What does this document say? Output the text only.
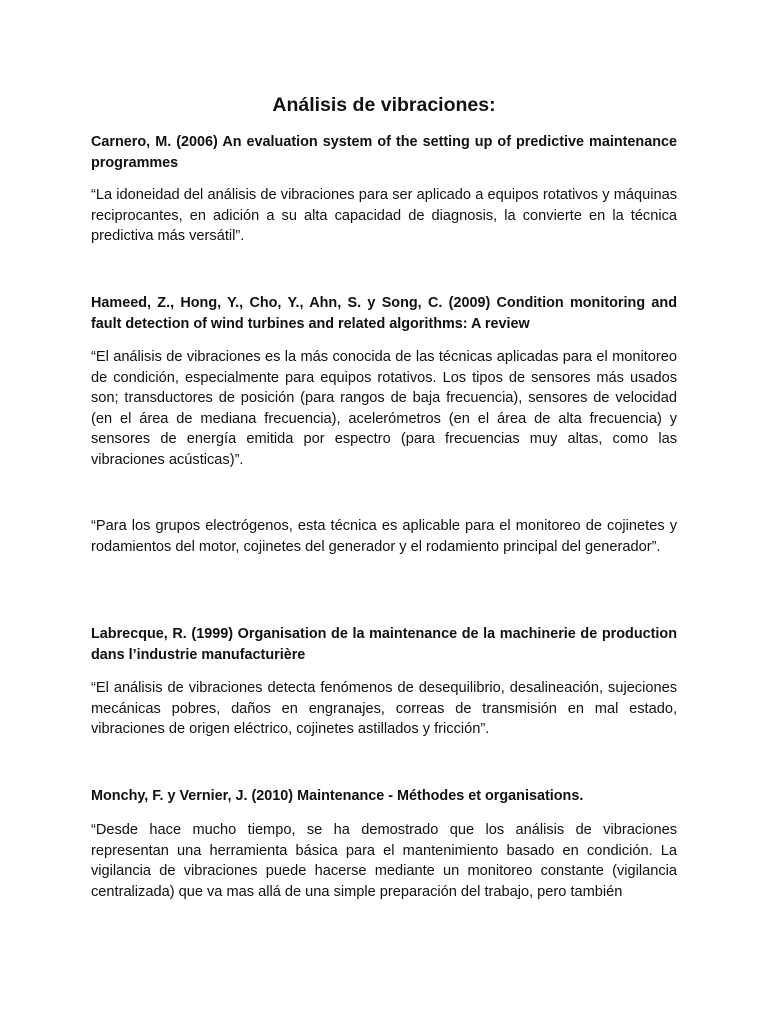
Análisis de vibraciones:

Carnero, M. (2006) An evaluation system of the setting up of predictive maintenance programmes

“La idoneidad del análisis de vibraciones para ser aplicado a equipos rotativos y máquinas reciprocantes, en adición a su alta capacidad de diagnosis, la convierte en la técnica predictiva más versátil”.

Hameed, Z., Hong, Y., Cho, Y., Ahn, S. y Song, C. (2009) Condition monitoring and fault detection of wind turbines and related algorithms: A review

“El análisis de vibraciones es la más conocida de las técnicas aplicadas para el monitoreo de condición, especialmente para equipos rotativos. Los tipos de sensores más usados son; transductores de posición (para rangos de baja frecuencia), sensores de velocidad (en el área de mediana frecuencia), acelerómetros (en el área de alta frecuencia) y sensores de energía emitida por espectro (para frecuencias muy altas, como las vibraciones acústicas)”.

“Para los grupos electrógenos, esta técnica es aplicable para el monitoreo de cojinetes y rodamientos del motor, cojinetes del generador y el rodamiento principal del generador”.

Labrecque, R. (1999) Organisation de la maintenance de la machinerie de production dans l’industrie manufacturière

“El análisis de vibraciones detecta fenómenos de desequilibrio, desalineación, sujeciones mecánicas pobres, daños en engranajes, correas de transmisión en mal estado, vibraciones de origen eléctrico, cojinetes astillados y fricción”.

Monchy, F. y Vernier, J. (2010) Maintenance - Méthodes et organisations.

“Desde hace mucho tiempo, se ha demostrado que los análisis de vibraciones representan una herramienta básica para el mantenimiento basado en condición. La vigilancia de vibraciones puede hacerse mediante un monitoreo constante (vigilancia centralizada) que va mas allá de una simple preparación del trabajo, pero también
